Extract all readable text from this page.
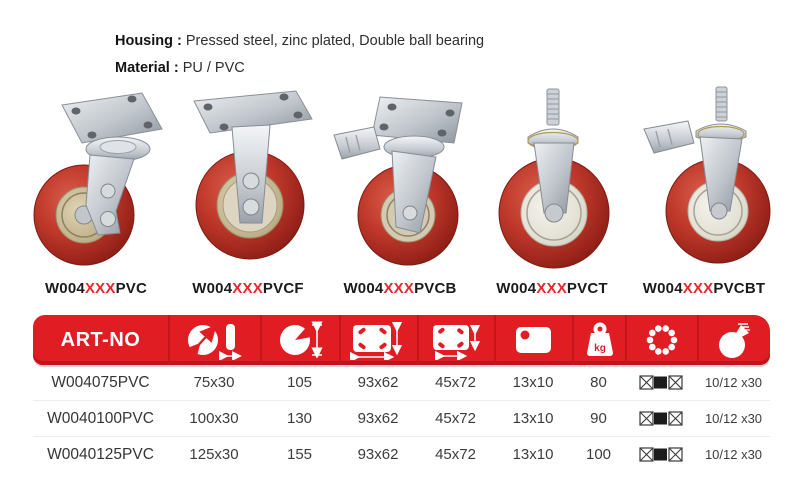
Housing : Pressed steel, zinc plated, Double ball bearing
Material : PU / PVC
W004XXXPVC	W004XXXPVCF	W004XXXPVCB	W004XXXPVCT	W004XXXPVCBT
ART-NO	kg
W004075PVC	75x30	105	93x62	45x72	13x10	80	10/12 x30
W0040100PVC	100x30	130	93x62	45x72	13x10	90	10/12 x30
W0040125PVC	125x30	155	93x62	45x72	13x10	100	10/12 x30
